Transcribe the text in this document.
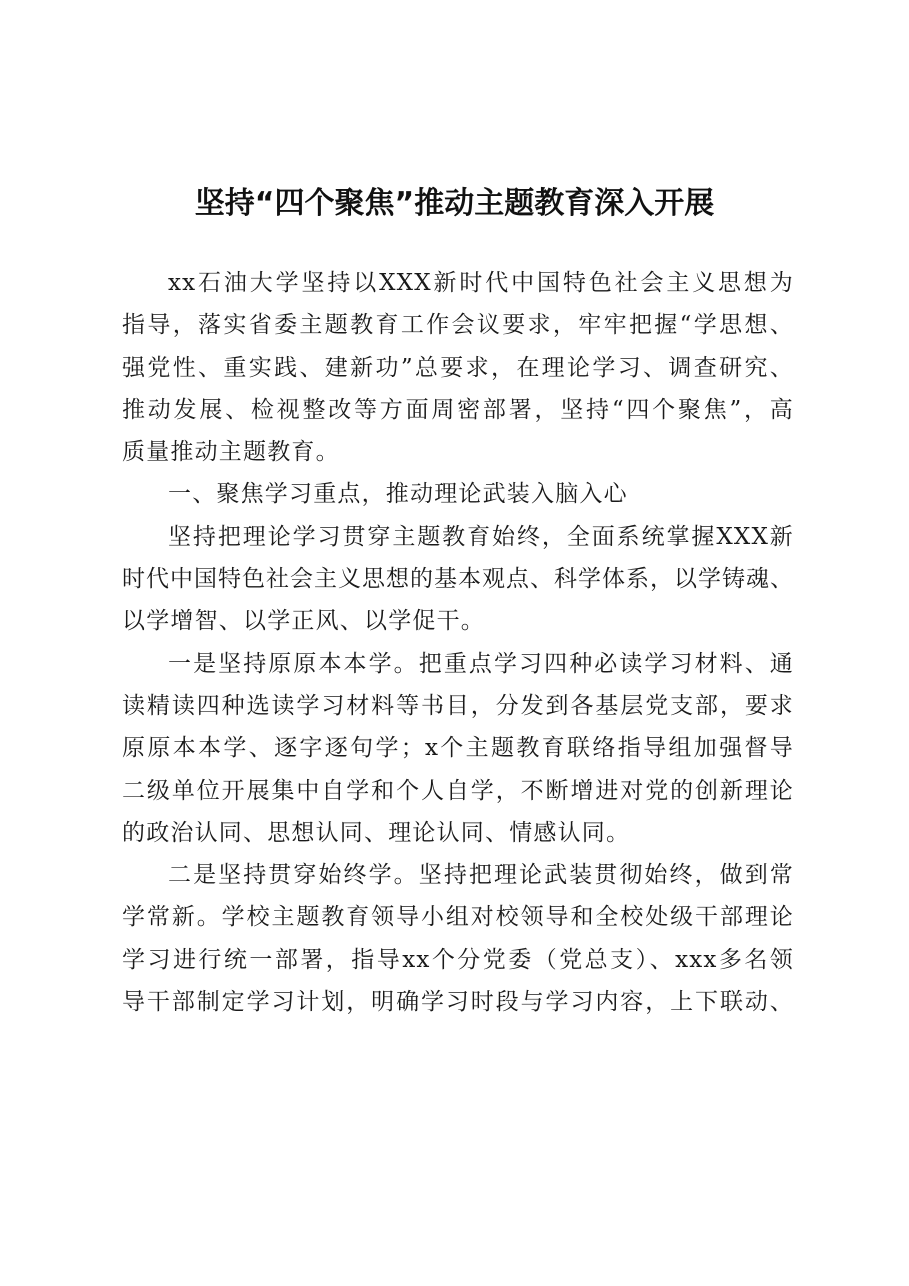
坚持“四个聚焦”推动主题教育深入开展

xx石油大学坚持以XXX新时代中国特色社会主义思想为
指导，落实省委主题教育工作会议要求，牢牢把握“学思想、
强党性、重实践、建新功”总要求，在理论学习、调查研究、
推动发展、检视整改等方面周密部署，坚持“四个聚焦”，高
质量推动主题教育。

一、聚焦学习重点，推动理论武装入脑入心

坚持把理论学习贯穿主题教育始终，全面系统掌握XXX新
时代中国特色社会主义思想的基本观点、科学体系，以学铸魂、
以学增智、以学正风、以学促干。

一是坚持原原本本学。把重点学习四种必读学习材料、通
读精读四种选读学习材料等书目，分发到各基层党支部，要求
原原本本学、逐字逐句学；x个主题教育联络指导组加强督导
二级单位开展集中自学和个人自学，不断增进对党的创新理论
的政治认同、思想认同、理论认同、情感认同。

二是坚持贯穿始终学。坚持把理论武装贯彻始终，做到常
学常新。学校主题教育领导小组对校领导和全校处级干部理论
学习进行统一部署，指导xx个分党委（党总支）、xxx多名领
导干部制定学习计划，明确学习时段与学习内容，上下联动、
